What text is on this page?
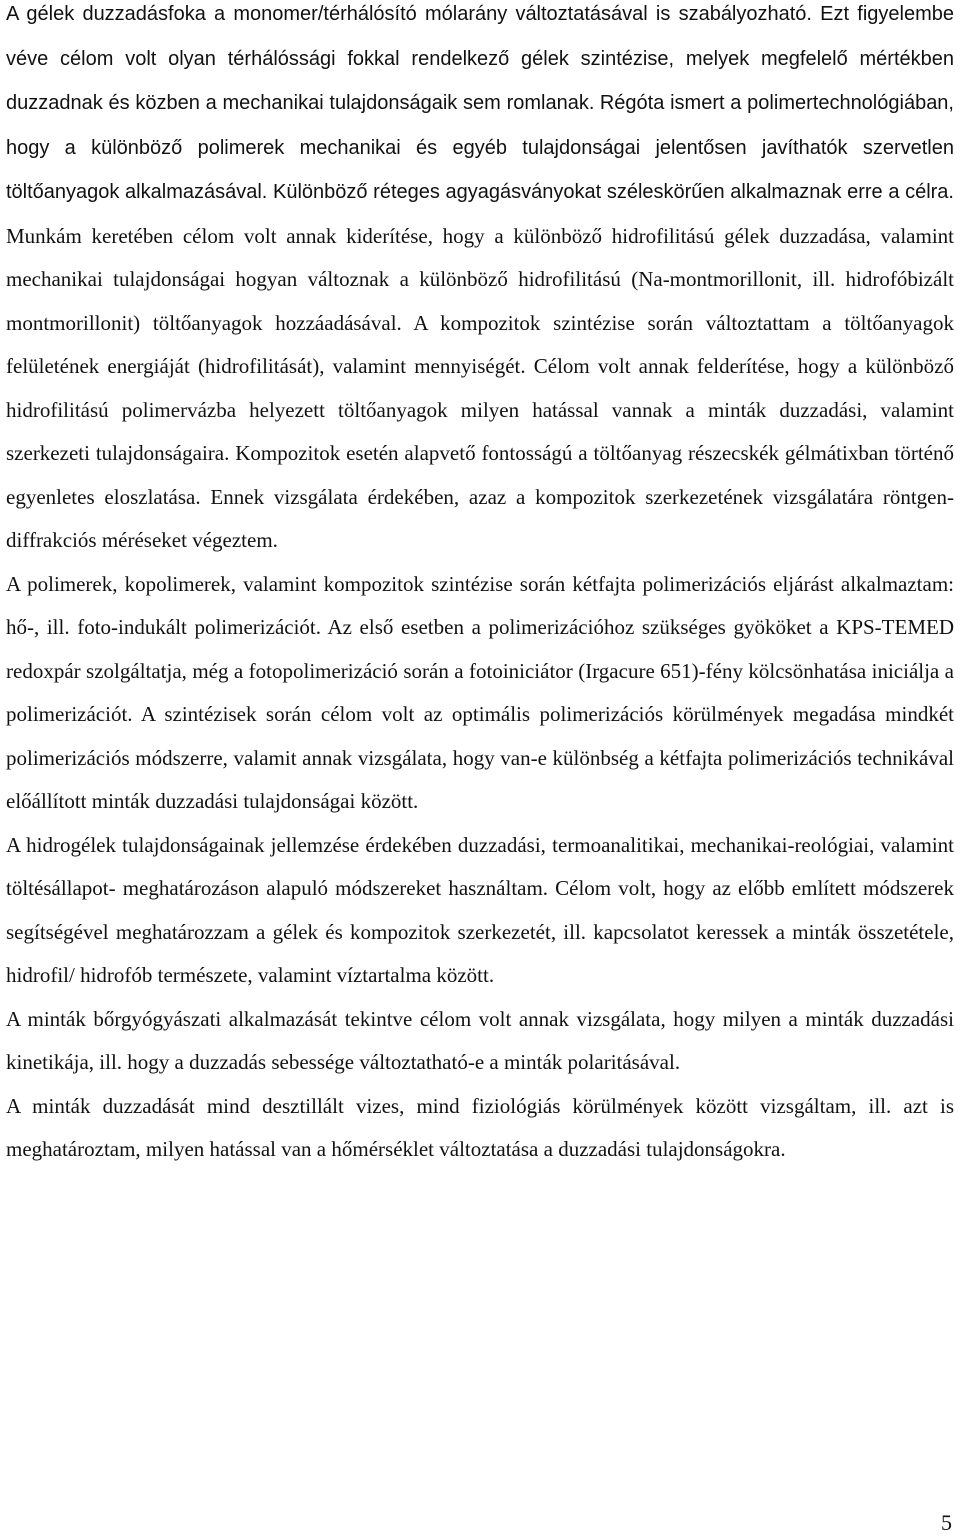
A gélek duzzadásfoka a monomer/térhálósító mólarány változtatásával is szabályozható. Ezt figyelembe véve célom volt olyan térhálóssági fokkal rendelkező gélek szintézise, melyek megfelelő mértékben duzzadnak és közben a mechanikai tulajdonságaik sem romlanak. Régóta ismert a polimertechnológiában, hogy a különböző polimerek mechanikai és egyéb tulajdonságai jelentősen javíthatók szervetlen töltőanyagok alkalmazásával. Különböző réteges agyagásványokat széleskörűen alkalmaznak erre a célra. Munkám keretében célom volt annak kiderítése, hogy a különböző hidrofilitású gélek duzzadása, valamint mechanikai tulajdonságai hogyan változnak a különböző hidrofilitású (Na-montmorillonit, ill. hidrofóbizált montmorillonit) töltőanyagok hozzáadásával. A kompozitok szintézise során változtattam a töltőanyagok felületének energiáját (hidrofilitását), valamint mennyiségét. Célom volt annak felderítése, hogy a különböző hidrofilitású polimervázba helyezett töltőanyagok milyen hatással vannak a minták duzzadási, valamint szerkezeti tulajdonságaira. Kompozitok esetén alapvető fontosságú a töltőanyag részecskék gélmátixban történő egyenletes eloszlatása. Ennek vizsgálata érdekében, azaz a kompozitok szerkezetének vizsgálatára röntgen-diffrakciós méréseket végeztem.

A polimerek, kopolimerek, valamint kompozitok szintézise során kétfajta polimerizációs eljárást alkalmaztam: hő-, ill. foto-indukált polimerizációt. Az első esetben a polimerizációhoz szükséges gyököket a KPS-TEMED redoxpár szolgáltatja, még a fotopolimerizáció során a fotoiniciátor (Irgacure 651)-fény kölcsönhatása iniciálja a polimerizációt. A szintézisek során célom volt az optimális polimerizációs körülmények megadása mindkét polimerizációs módszerre, valamit annak vizsgálata, hogy van-e különbség a kétfajta polimerizációs technikával előállított minták duzzadási tulajdonságai között.

A hidrogélek tulajdonságainak jellemzése érdekében duzzadási, termoanalitikai, mechanikai-reológiai, valamint töltésállapot- meghatározáson alapuló módszereket használtam. Célom volt, hogy az előbb említett módszerek segítségével meghatározzam a gélek és kompozitok szerkezetét, ill. kapcsolatot keressek a minták összetétele, hidrofil/ hidrofób természete, valamint víztartalma között.

A minták bőrgyógyászati alkalmazását tekintve célom volt annak vizsgálata, hogy milyen a minták duzzadási kinetikája, ill. hogy a duzzadás sebessége változtatható-e a minták polaritásával.

A minták duzzadását mind desztillált vizes, mind fiziológiás körülmények között vizsgáltam, ill. azt is meghatároztam, milyen hatással van a hőmérséklet változtatása a duzzadási tulajdonságokra.

5
